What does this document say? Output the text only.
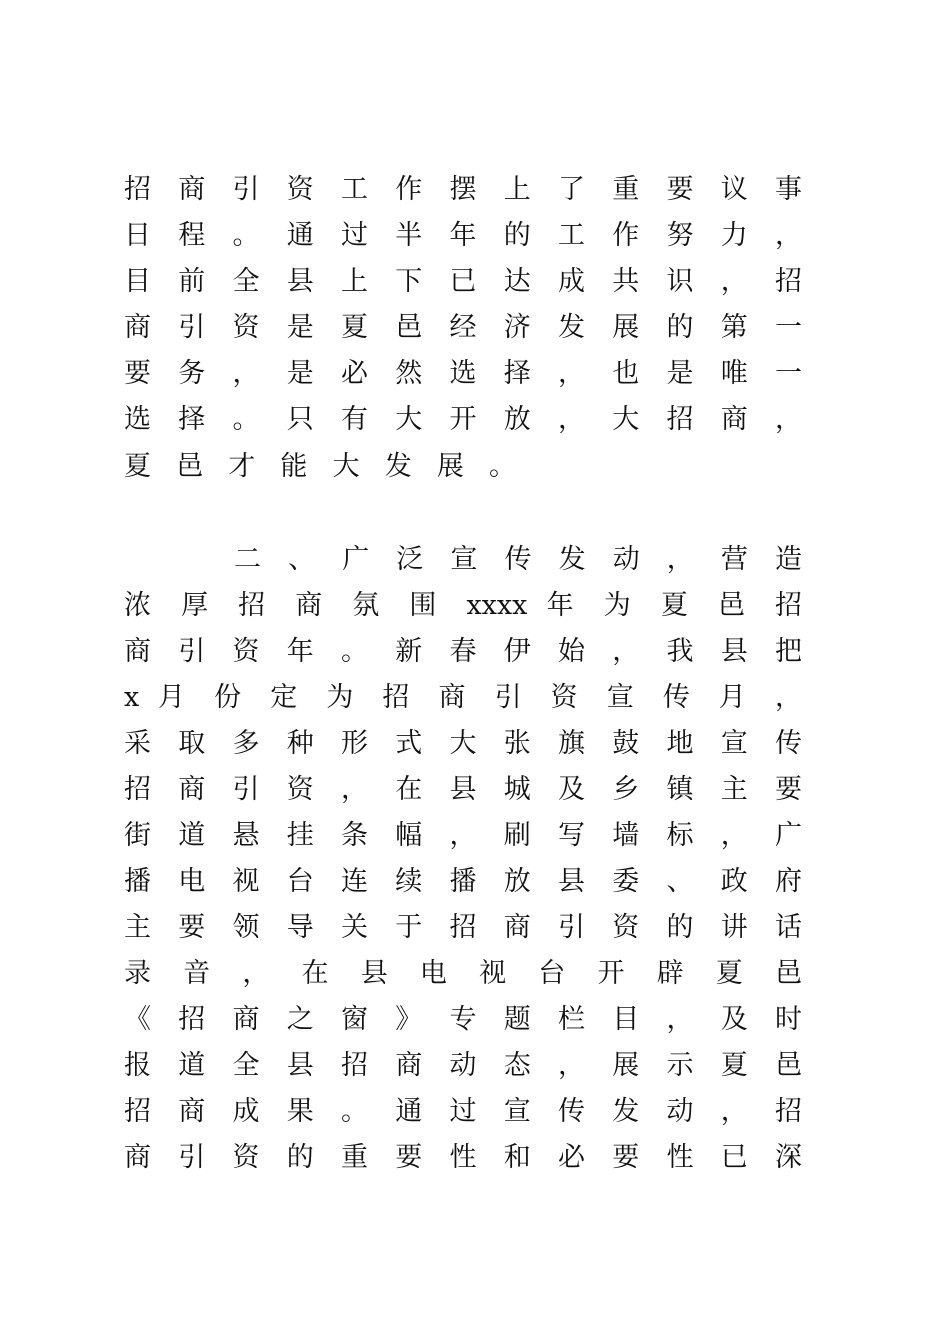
招 商 引 资 工 作 摆 上 了 重 要 议 事
日 程 。 通 过 半 年 的 工 作 努 力 ，
目 前 全 县 上 下 已 达 成 共 识 ， 招
商 引 资 是 夏 邑 经 济 发 展 的 第 一
要 务 ， 是 必 然 选 择 ， 也 是 唯 一
选 择 。 只 有 大 开 放 ， 大 招 商 ，
夏 邑 才 能 大 发 展 。
二 、 广 泛 宣 传 发 动 ， 营 造
浓 厚 招 商 氛 围 xxxx 年 为 夏 邑 招
商 引 资 年 。 新 春 伊 始 ， 我 县 把
x 月 份 定 为 招 商 引 资 宣 传 月 ，
采 取 多 种 形 式 大 张 旗 鼓 地 宣 传
招 商 引 资 ， 在 县 城 及 乡 镇 主 要
街 道 悬 挂 条 幅 ， 刷 写 墙 标 ， 广
播 电 视 台 连 续 播 放 县 委 、 政 府
主 要 领 导 关 于 招 商 引 资 的 讲 话
录 音 ， 在 县 电 视 台 开 辟 夏 邑
《 招 商 之 窗 》 专 题 栏 目 ， 及 时
报 道 全 县 招 商 动 态 ， 展 示 夏 邑
招 商 成 果 。 通 过 宣 传 发 动 ， 招
商 引 资 的 重 要 性 和 必 要 性 已 深
